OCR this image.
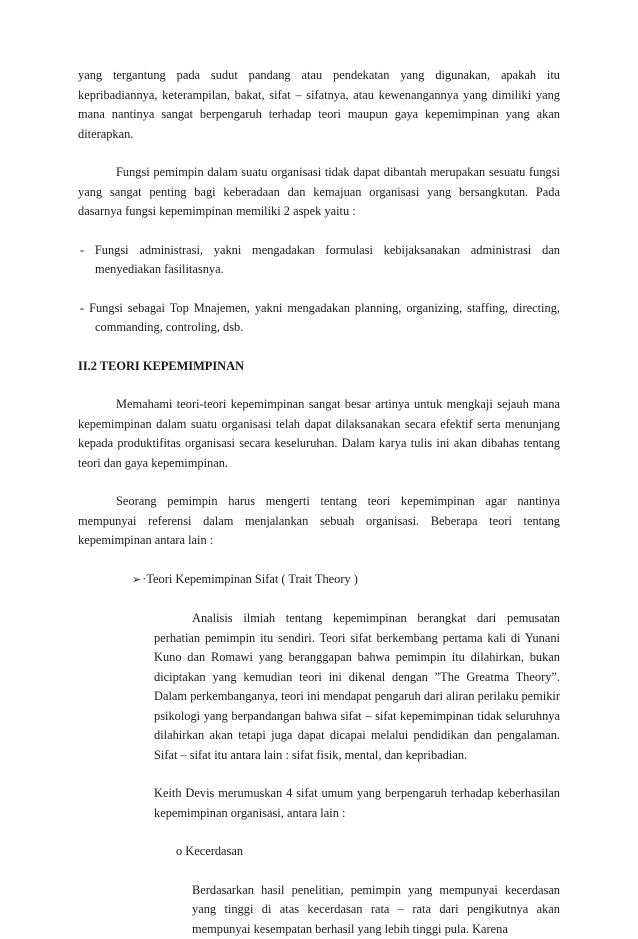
yang tergantung pada sudut pandang atau pendekatan yang digunakan, apakah itu kepribadiannya, keterampilan, bakat, sifat – sifatnya, atau kewenangannya yang dimiliki yang mana nantinya sangat berpengaruh terhadap teori maupun gaya kepemimpinan yang akan diterapkan.

Fungsi pemimpin dalam suatu organisasi tidak dapat dibantah merupakan sesuatu fungsi yang sangat penting bagi keberadaan dan kemajuan organisasi yang bersangkutan. Pada dasarnya fungsi kepemimpinan memiliki 2 aspek yaitu :

- Fungsi administrasi, yakni mengadakan formulasi kebijaksanakan administrasi dan menyediakan fasilitasnya.

- Fungsi sebagai Top Mnajemen, yakni mengadakan planning, organizing, staffing, directing, commanding, controling, dsb.

II.2 TEORI KEPEMIMPINAN

Memahami teori-teori kepemimpinan sangat besar artinya untuk mengkaji sejauh mana kepemimpinan dalam suatu organisasi telah dapat dilaksanakan secara efektif serta menunjang kepada produktifitas organisasi secara keseluruhan. Dalam karya tulis ini akan dibahas tentang teori dan gaya kepemimpinan.

Seorang pemimpin harus mengerti tentang teori kepemimpinan agar nantinya mempunyai referensi dalam menjalankan sebuah organisasi. Beberapa teori tentang kepemimpinan antara lain :

➢·Teori Kepemimpinan Sifat ( Trait Theory )

Analisis ilmiah tentang kepemimpinan berangkat dari pemusatan perhatian pemimpin itu sendiri. Teori sifat berkembang pertama kali di Yunani Kuno dan Romawi yang beranggapan bahwa pemimpin itu dilahirkan, bukan diciptakan yang kemudian teori ini dikenal dengan ”The Greatma Theory”. Dalam perkembanganya, teori ini mendapat pengaruh dari aliran perilaku pemikir psikologi yang berpandangan bahwa sifat – sifat kepemimpinan tidak seluruhnya dilahirkan akan tetapi juga dapat dicapai melalui pendidikan dan pengalaman. Sifat – sifat itu antara lain : sifat fisik, mental, dan kepribadian.

Keith Devis merumuskan 4 sifat umum yang berpengaruh terhadap keberhasilan kepemimpinan organisasi, antara lain :

o Kecerdasan

Berdasarkan hasil penelitian, pemimpin yang mempunyai kecerdasan yang tinggi di atas kecerdasan rata – rata dari pengikutnya akan mempunyai kesempatan berhasil yang lebih tinggi pula. Karena
